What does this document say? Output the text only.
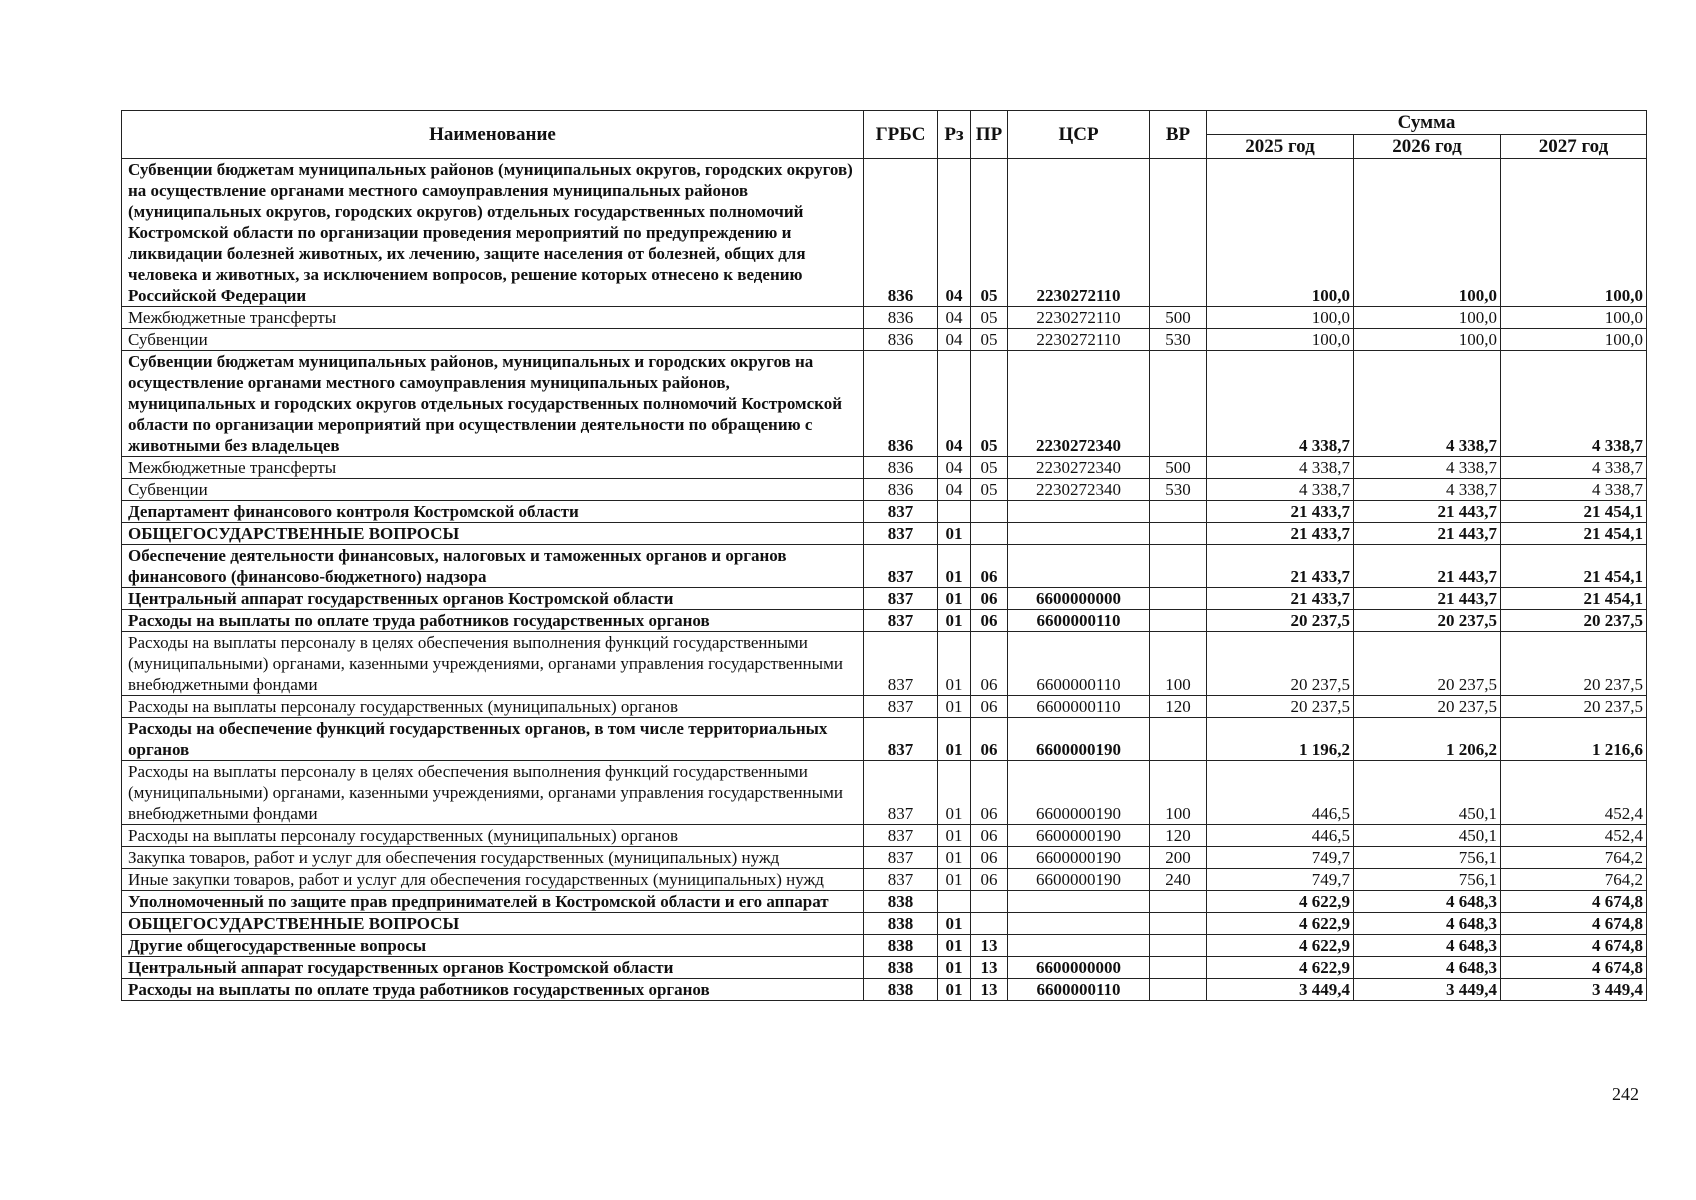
Наименование	ГРБС	Рз	ПР	ЦСР	ВР	Сумма		
						2025 год	2026 год	2027 год
Субвенции бюджетам муниципальных районов (муниципальных округов, городских округов) на осуществление органами местного самоуправления муниципальных районов (муниципальных округов, городских округов) отдельных государственных полномочий Костромской области по организации проведения мероприятий по предупреждению и ликвидации болезней животных, их лечению, защите населения от болезней, общих для человека и животных, за исключением вопросов, решение которых отнесено к ведению Российской Федерации	836	04	05	2230272110		100,0	100,0	100,0
Межбюджетные трансферты	836	04	05	2230272110	500	100,0	100,0	100,0
Субвенции	836	04	05	2230272110	530	100,0	100,0	100,0
Субвенции бюджетам муниципальных районов, муниципальных и городских округов на осуществление органами местного самоуправления муниципальных районов, муниципальных и городских округов отдельных государственных полномочий Костромской области по организации мероприятий при осуществлении деятельности по обращению с животными без владельцев	836	04	05	2230272340		4 338,7	4 338,7	4 338,7
Межбюджетные трансферты	836	04	05	2230272340	500	4 338,7	4 338,7	4 338,7
Субвенции	836	04	05	2230272340	530	4 338,7	4 338,7	4 338,7
Департамент финансового контроля Костромской области	837					21 433,7	21 443,7	21 454,1
ОБЩЕГОСУДАРСТВЕННЫЕ ВОПРОСЫ	837	01				21 433,7	21 443,7	21 454,1
Обеспечение деятельности финансовых, налоговых и таможенных органов и органов финансового (финансово-бюджетного) надзора	837	01	06			21 433,7	21 443,7	21 454,1
Центральный аппарат государственных органов Костромской области	837	01	06	6600000000		21 433,7	21 443,7	21 454,1
Расходы на выплаты по оплате труда работников государственных органов	837	01	06	6600000110		20 237,5	20 237,5	20 237,5
Расходы на выплаты персоналу в целях обеспечения выполнения функций государственными (муниципальными) органами, казенными учреждениями, органами управления государственными внебюджетными фондами	837	01	06	6600000110	100	20 237,5	20 237,5	20 237,5
Расходы на выплаты персоналу государственных (муниципальных) органов	837	01	06	6600000110	120	20 237,5	20 237,5	20 237,5
Расходы на обеспечение функций государственных органов, в том числе территориальных органов	837	01	06	6600000190		1 196,2	1 206,2	1 216,6
Расходы на выплаты персоналу в целях обеспечения выполнения функций государственными (муниципальными) органами, казенными учреждениями, органами управления государственными внебюджетными фондами	837	01	06	6600000190	100	446,5	450,1	452,4
Расходы на выплаты персоналу государственных (муниципальных) органов	837	01	06	6600000190	120	446,5	450,1	452,4
Закупка товаров, работ и услуг для обеспечения государственных (муниципальных) нужд	837	01	06	6600000190	200	749,7	756,1	764,2
Иные закупки товаров, работ и услуг для обеспечения государственных (муниципальных) нужд	837	01	06	6600000190	240	749,7	756,1	764,2
Уполномоченный по защите прав предпринимателей в Костромской области и его аппарат	838					4 622,9	4 648,3	4 674,8
ОБЩЕГОСУДАРСТВЕННЫЕ ВОПРОСЫ	838	01				4 622,9	4 648,3	4 674,8
Другие общегосударственные вопросы	838	01	13			4 622,9	4 648,3	4 674,8
Центральный аппарат государственных органов Костромской области	838	01	13	6600000000		4 622,9	4 648,3	4 674,8
Расходы на выплаты по оплате труда работников государственных органов	838	01	13	6600000110		3 449,4	3 449,4	3 449,4
242
